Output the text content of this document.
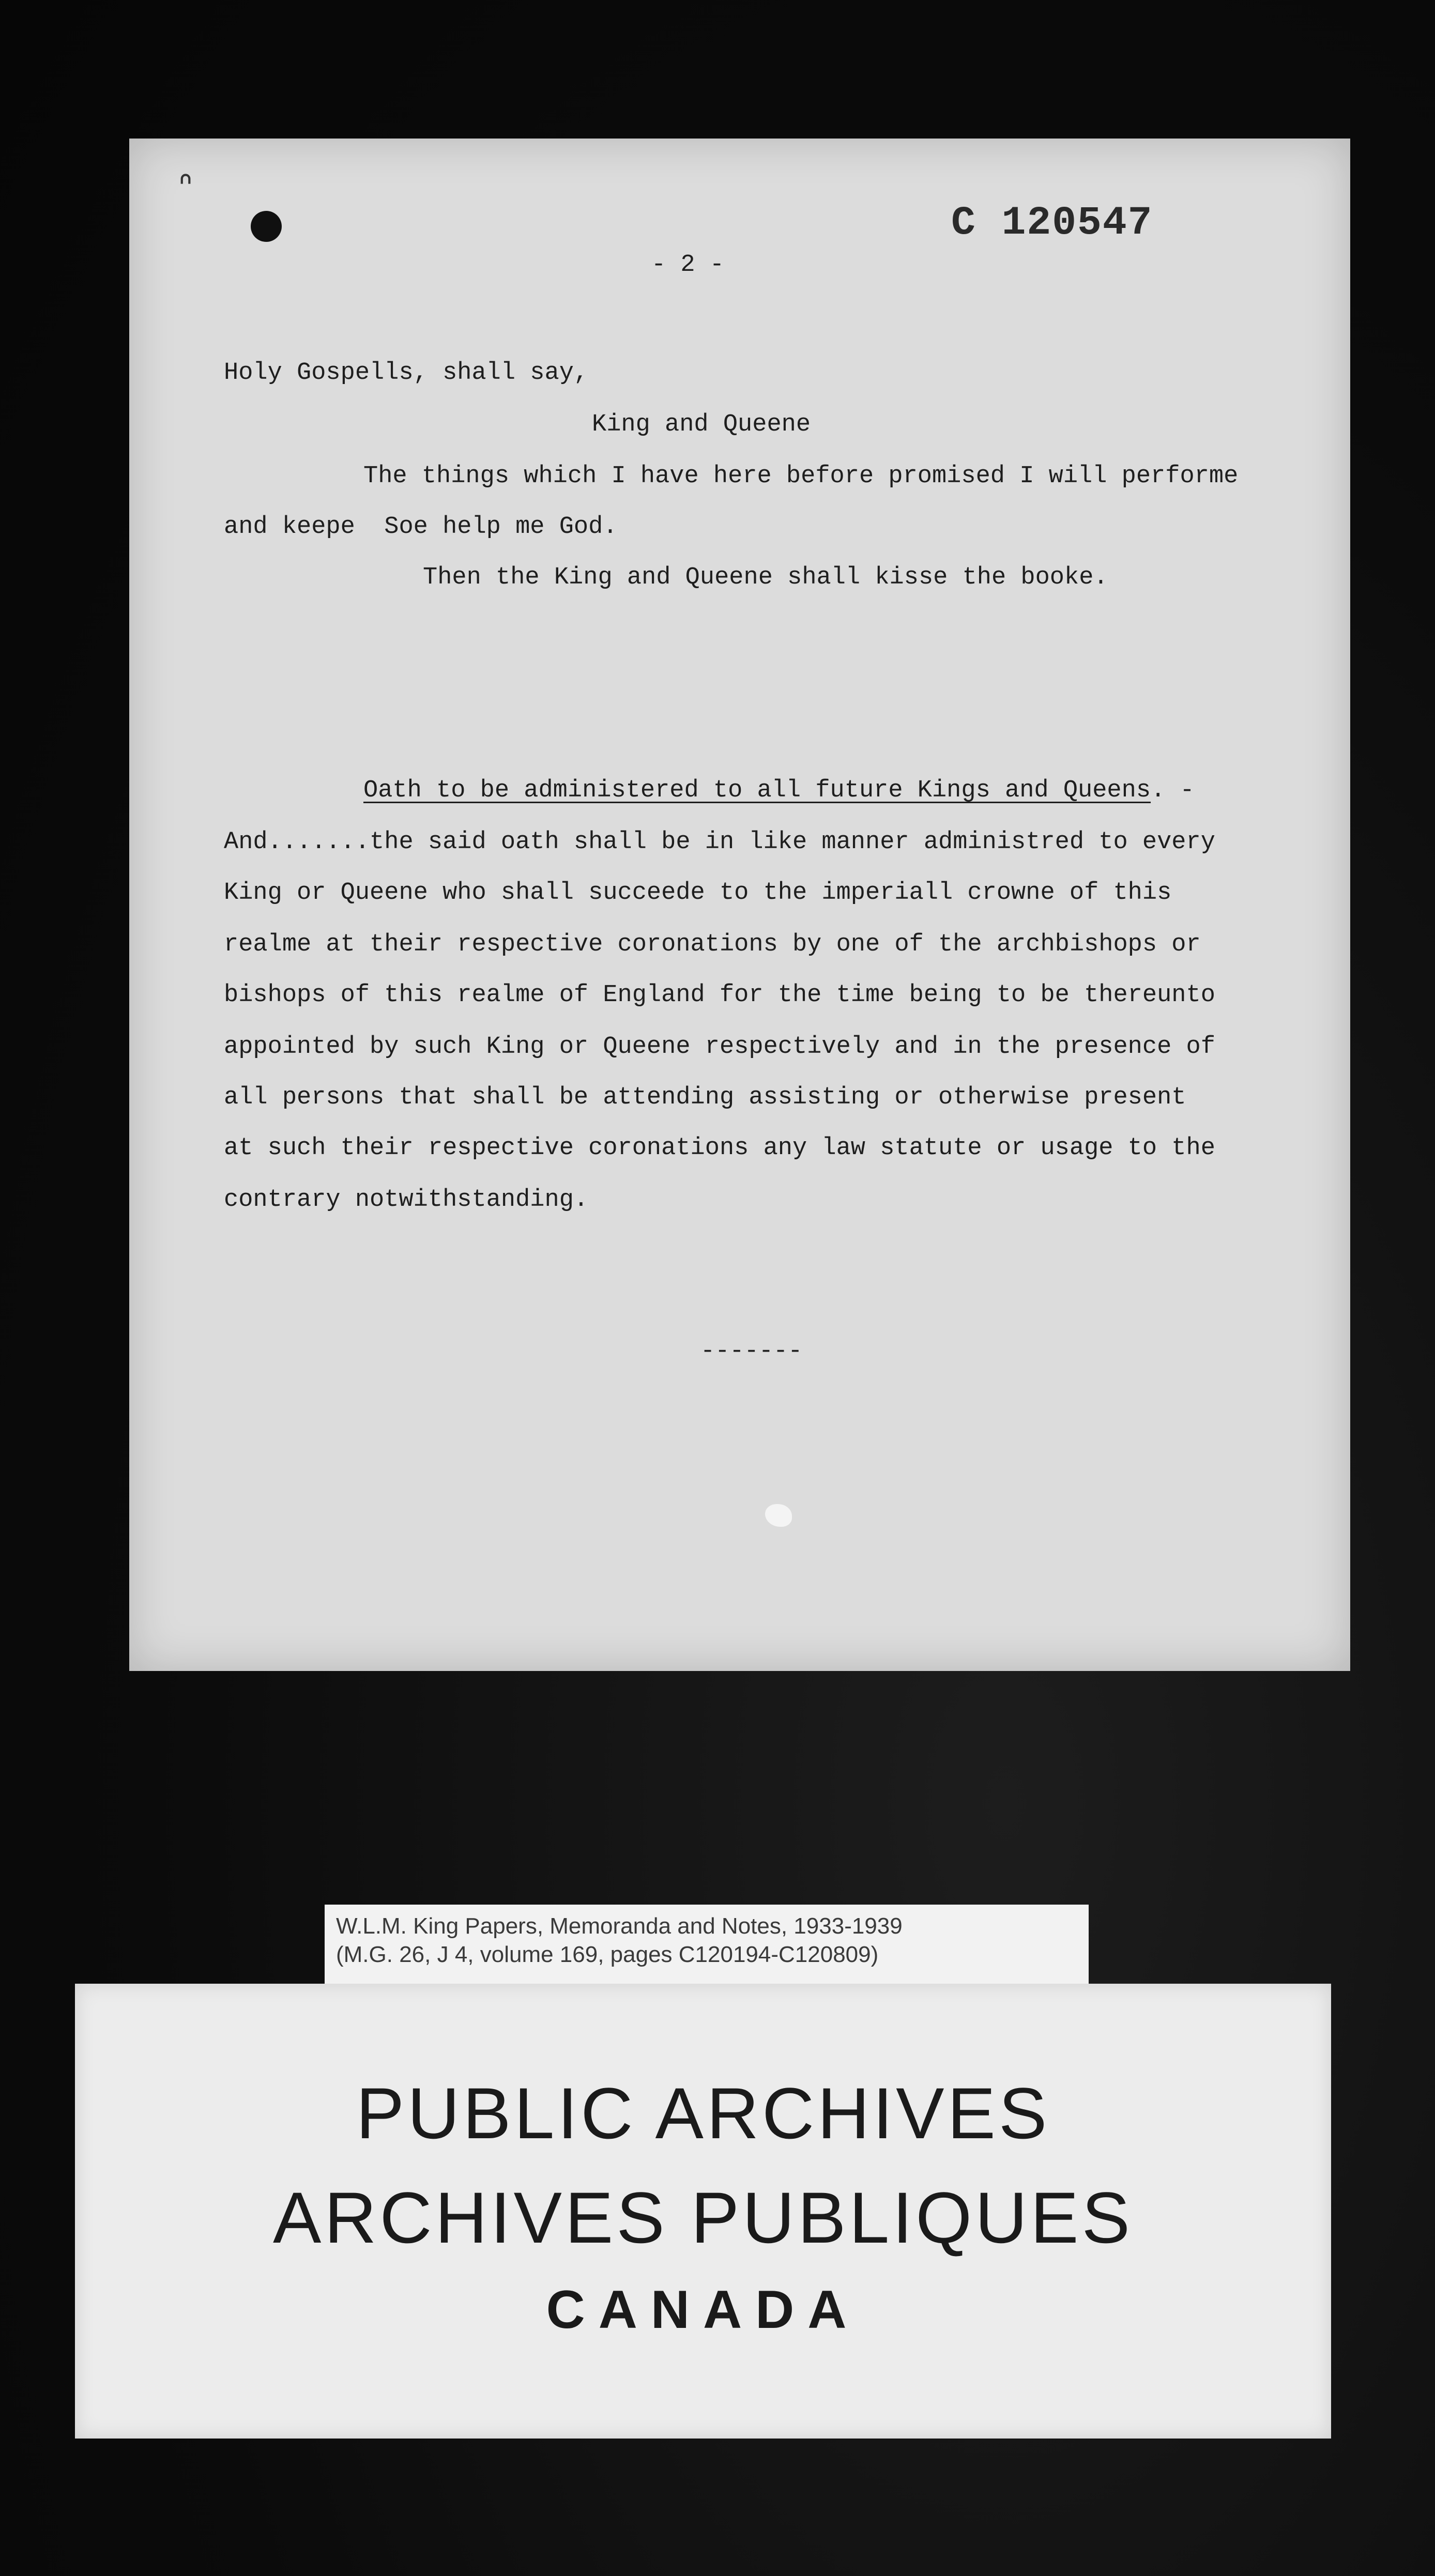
ᐢ
C 120547
- 2 -
Holy Gospells, shall say,
King and Queene
The things which I have here before promised I will performe
and keepe  Soe help me God.
Then the King and Queene shall kisse the booke.
Oath to be administered to all future Kings and Queens. -
And.......the said oath shall be in like manner administred to every
King or Queene who shall succeede to the imperiall crowne of this
realme at their respective coronations by one of the archbishops or
bishops of this realme of England for the time being to be thereunto
appointed by such King or Queene respectively and in the presence of
all persons that shall be attending assisting or otherwise present
at such their respective coronations any law statute or usage to the
contrary notwithstanding.
-------
W.L.M. King Papers, Memoranda and Notes, 1933-1939
(M.G. 26, J 4, volume 169, pages C120194-C120809)
PUBLIC ARCHIVES
ARCHIVES PUBLIQUES
CANADA
